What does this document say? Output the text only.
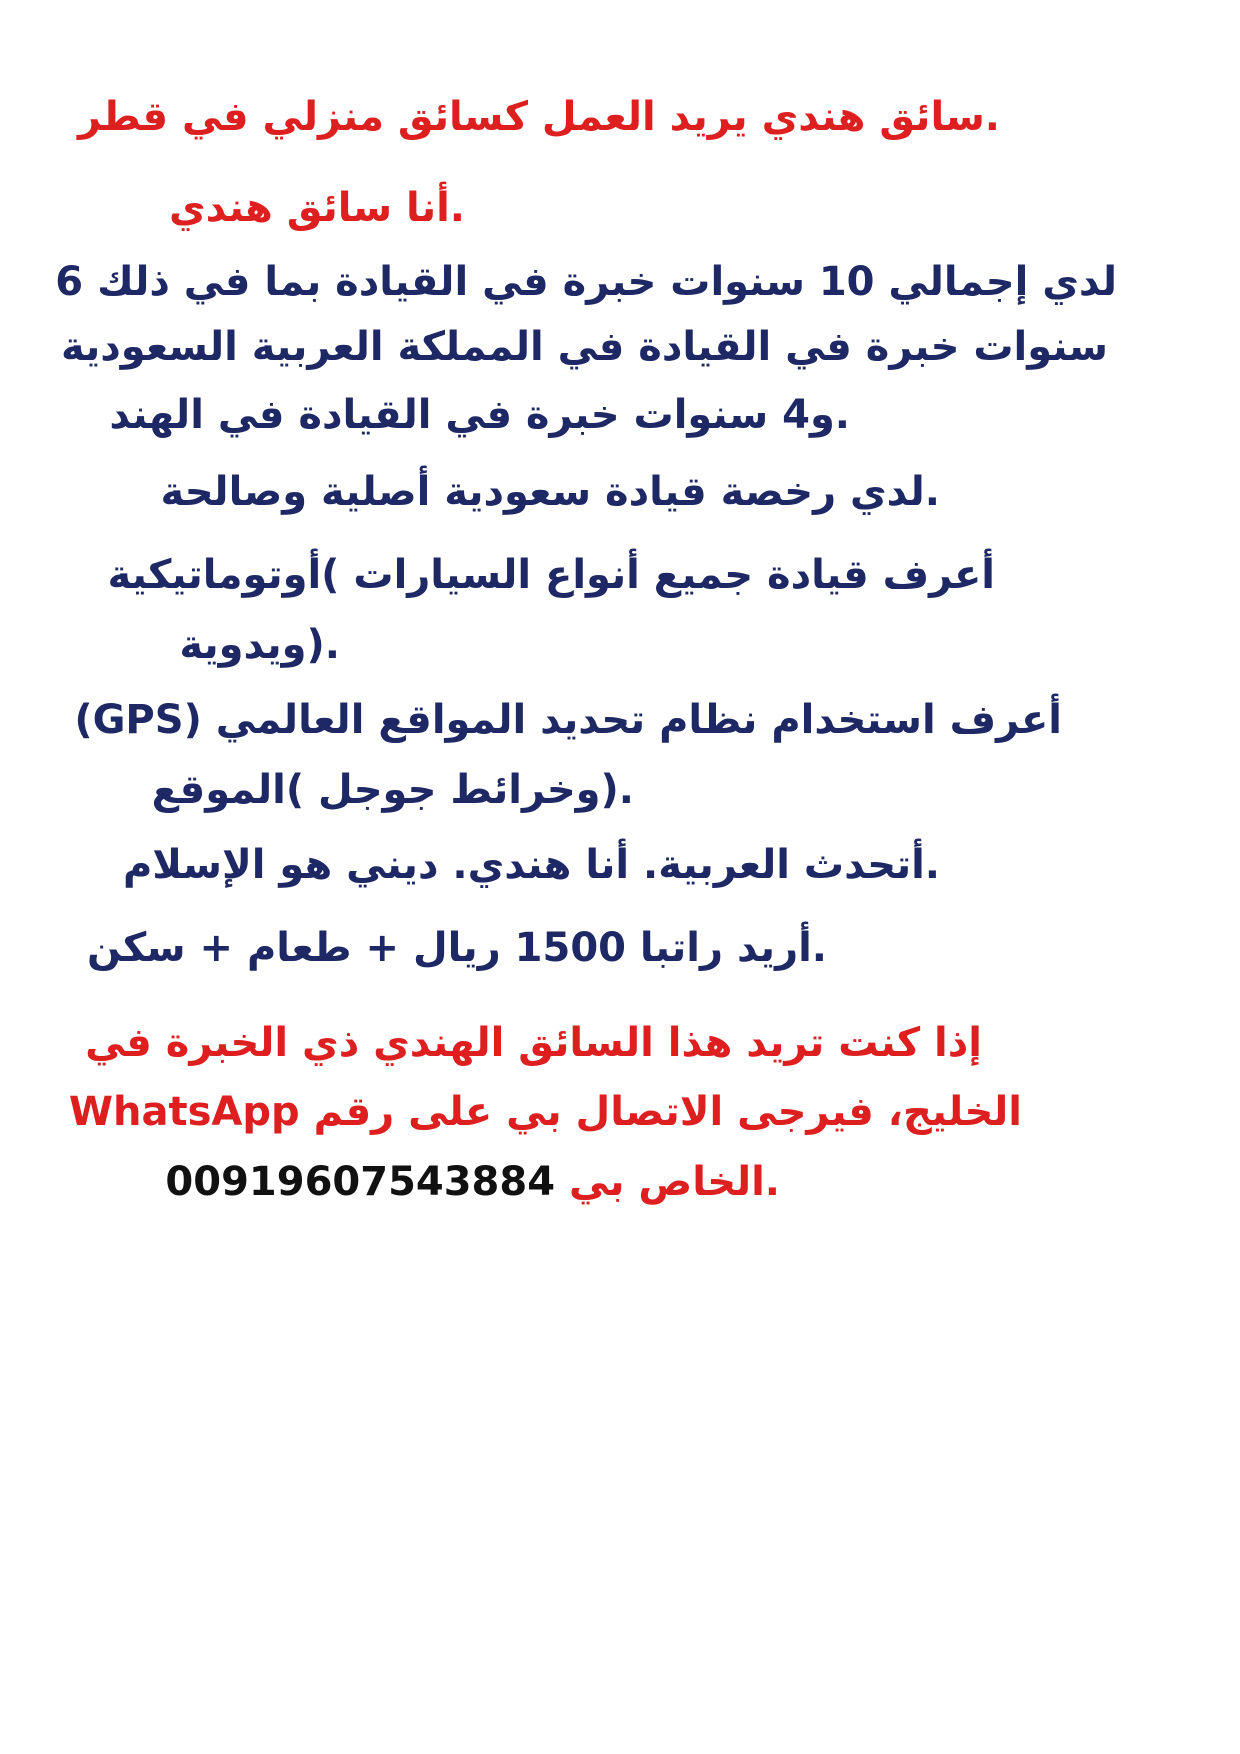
.سائق هندي يريد العمل كسائق منزلي في قطر

.أنا سائق هندي

لدي إجمالي 10 سنوات خبرة في القيادة بما في ذلك 6

سنوات خبرة في القيادة في المملكة العربية السعودية

.و4 سنوات خبرة في القيادة في الهند

.لدي رخصة قيادة سعودية أصلية وصالحة

أعرف قيادة جميع أنواع السيارات )أوتوماتيكية

.(ويدوية

أعرف استخدام نظام تحديد المواقع العالمي (GPS)

.(وخرائط جوجل )الموقع

.أتحدث العربية. أنا هندي. ديني هو الإسلام

.أريد راتبا 1500 ريال + طعام + سكن

إذا كنت تريد هذا السائق الهندي ذي الخبرة في

الخليج، فيرجى الاتصال بي على رقم WhatsApp

.الخاص بي 00919607543884
